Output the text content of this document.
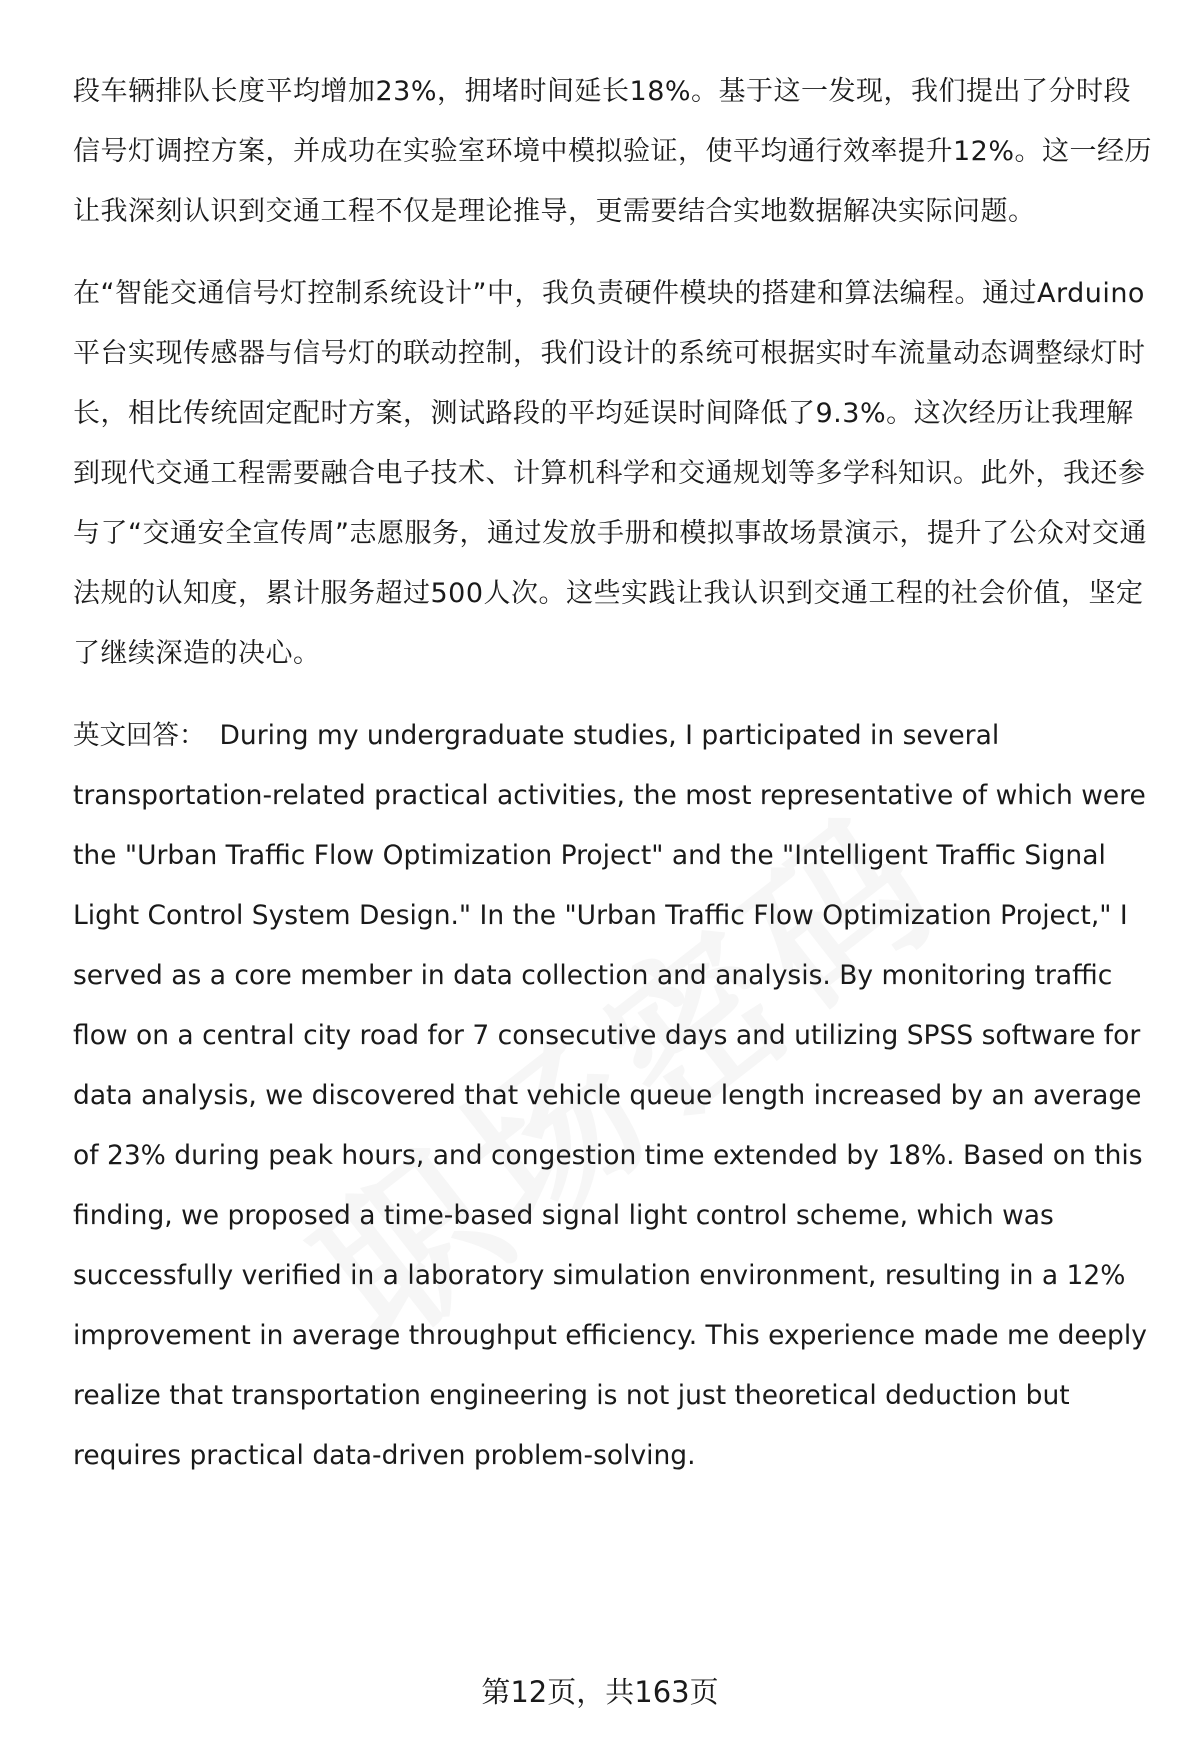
段车辆排队长度平均增加23%，拥堵时间延长18%。基于这一发现，我们提出了分时段信号灯调控方案，并成功在实验室环境中模拟验证，使平均通行效率提升12%。这一经历让我深刻认识到交通工程不仅是理论推导，更需要结合实地数据解决实际问题。

在“智能交通信号灯控制系统设计”中，我负责硬件模块的搭建和算法编程。通过Arduino平台实现传感器与信号灯的联动控制，我们设计的系统可根据实时车流量动态调整绿灯时长，相比传统固定配时方案，测试路段的平均延误时间降低了9.3%。这次经历让我理解到现代交通工程需要融合电子技术、计算机科学和交通规划等多学科知识。此外，我还参与了“交通安全宣传周”志愿服务，通过发放手册和模拟事故场景演示，提升了公众对交通法规的认知度，累计服务超过500人次。这些实践让我认识到交通工程的社会价值，坚定了继续深造的决心。

英文回答： During my undergraduate studies, I participated in several transportation-related practical activities, the most representative of which were the "Urban Traffic Flow Optimization Project" and the "Intelligent Traffic Signal Light Control System Design." In the "Urban Traffic Flow Optimization Project," I served as a core member in data collection and analysis. By monitoring traffic flow on a central city road for 7 consecutive days and utilizing SPSS software for data analysis, we discovered that vehicle queue length increased by an average of 23% during peak hours, and congestion time extended by 18%. Based on this finding, we proposed a time-based signal light control scheme, which was successfully verified in a laboratory simulation environment, resulting in a 12% improvement in average throughput efficiency. This experience made me deeply realize that transportation engineering is not just theoretical deduction but requires practical data-driven problem-solving.

第12页，共163页
